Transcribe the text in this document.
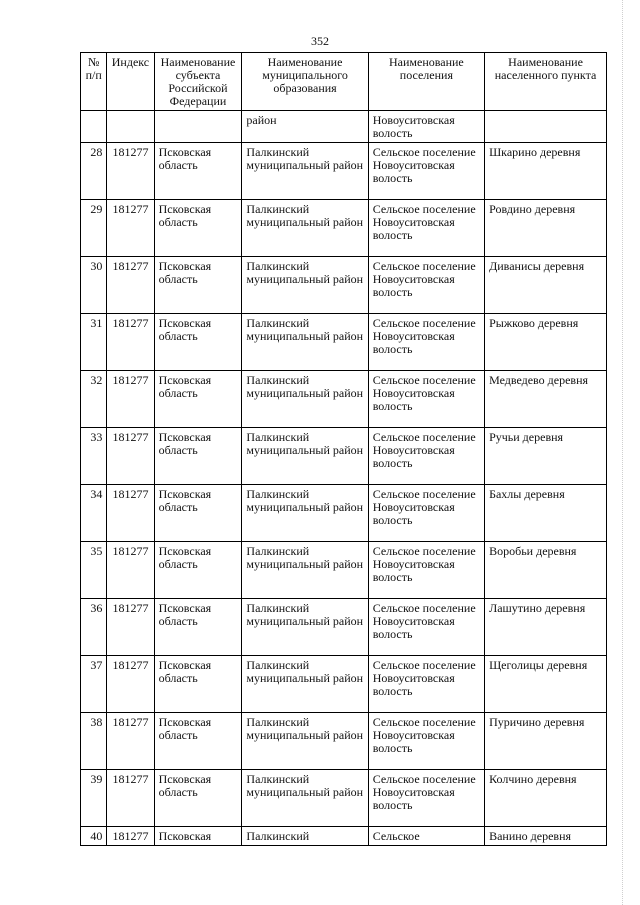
352
№ п/п	Индекс	Наименование субъекта Российской Федерации	Наименование муниципального образования	Наименование поселения	Наименование населенного пункта
			район	Новоуситовская волость	
28	181277	Псковская область	Палкинский муниципальный район	Сельское поселение Новоуситовская волость	Шкарино деревня
29	181277	Псковская область	Палкинский муниципальный район	Сельское поселение Новоуситовская волость	Ровдино деревня
30	181277	Псковская область	Палкинский муниципальный район	Сельское поселение Новоуситовская волость	Диванисы деревня
31	181277	Псковская область	Палкинский муниципальный район	Сельское поселение Новоуситовская волость	Рыжково деревня
32	181277	Псковская область	Палкинский муниципальный район	Сельское поселение Новоуситовская волость	Медведево деревня
33	181277	Псковская область	Палкинский муниципальный район	Сельское поселение Новоуситовская волость	Ручьи деревня
34	181277	Псковская область	Палкинский муниципальный район	Сельское поселение Новоуситовская волость	Бахлы деревня
35	181277	Псковская область	Палкинский муниципальный район	Сельское поселение Новоуситовская волость	Воробьи деревня
36	181277	Псковская область	Палкинский муниципальный район	Сельское поселение Новоуситовская волость	Лашутино деревня
37	181277	Псковская область	Палкинский муниципальный район	Сельское поселение Новоуситовская волость	Щеголицы деревня
38	181277	Псковская область	Палкинский муниципальный район	Сельское поселение Новоуситовская волость	Пуричино деревня
39	181277	Псковская область	Палкинский муниципальный район	Сельское поселение Новоуситовская волость	Колчино деревня
40	181277	Псковская	Палкинский	Сельское	Ванино деревня
